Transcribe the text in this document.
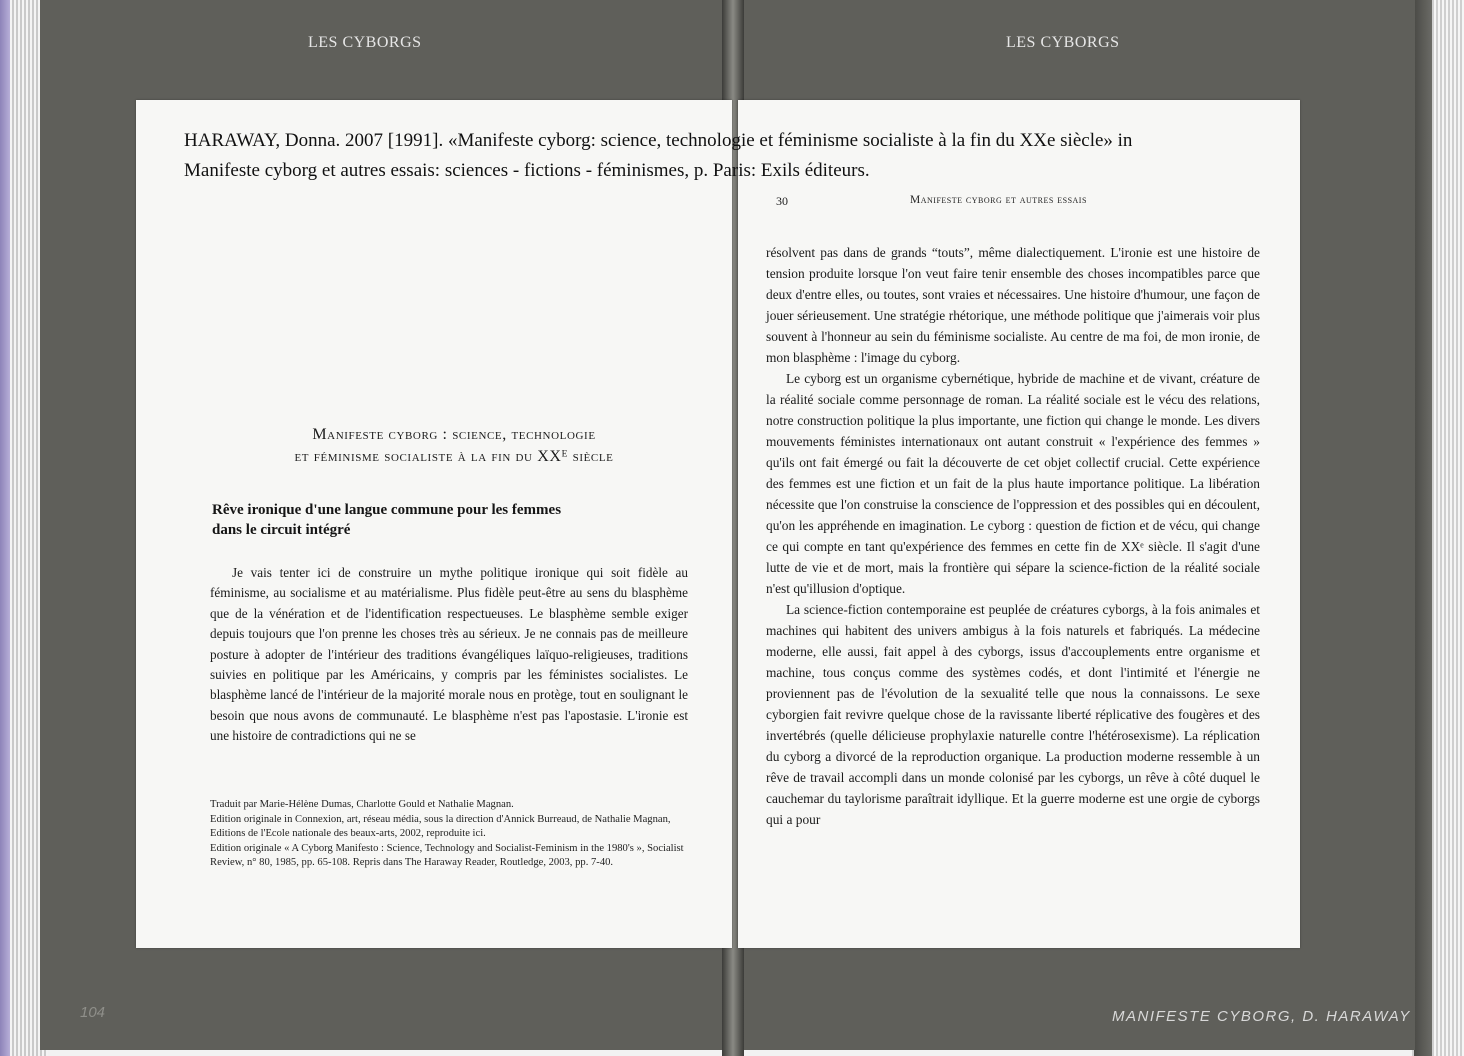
LES CYBORGS	LES CYBORGS
104	MANIFESTE CYBORG, D. HARAWAY
HARAWAY, Donna. 2007 [1991]. «Manifeste cyborg: science, technologie et féminisme socialiste à la fin du XXe siècle» in
Manifeste cyborg et autres essais: sciences - fictions - féminismes, p. Paris: Exils éditeurs.
Manifeste cyborg : science, technologie
et féminisme socialiste à la fin du XXᴱ siècle
Rêve ironique d'une langue commune pour les femmes
dans le circuit intégré

Je vais tenter ici de construire un mythe politique ironique qui soit fidèle au féminisme, au socialisme et au matérialisme. Plus fidèle peut-être au sens du blasphème que de la vénération et de l'identification respectueuses. Le blasphème semble exiger depuis toujours que l'on prenne les choses très au sérieux. Je ne connais pas de meilleure posture à adopter de l'intérieur des traditions évangéliques laïquo-religieuses, traditions suivies en politique par les Américains, y compris par les féministes socialistes. Le blasphème lancé de l'intérieur de la majorité morale nous en protège, tout en soulignant le besoin que nous avons de communauté. Le blasphème n'est pas l'apostasie. L'ironie est une histoire de contradictions qui ne se

Traduit par Marie-Hélène Dumas, Charlotte Gould et Nathalie Magnan.
Edition originale in Connexion, art, réseau média, sous la direction d'Annick Burreaud, de Nathalie Magnan, Editions de l'Ecole nationale des beaux-arts, 2002, reproduite ici.
Edition originale « A Cyborg Manifesto : Science, Technology and Socialist-Feminism in the 1980's », Socialist Review, n° 80, 1985, pp. 65-108. Repris dans The Haraway Reader, Routledge, 2003, pp. 7-40.
30	Manifeste cyborg et autres essais

résolvent pas dans de grands “touts”, même dialectiquement. L'ironie est une histoire de tension produite lorsque l'on veut faire tenir ensemble des choses incompatibles parce que deux d'entre elles, ou toutes, sont vraies et nécessaires. Une histoire d'humour, une façon de jouer sérieusement. Une stratégie rhétorique, une méthode politique que j'aimerais voir plus souvent à l'honneur au sein du féminisme socialiste. Au centre de ma foi, de mon ironie, de mon blasphème : l'image du cyborg.

Le cyborg est un organisme cybernétique, hybride de machine et de vivant, créature de la réalité sociale comme personnage de roman. La réalité sociale est le vécu des relations, notre construction politique la plus importante, une fiction qui change le monde. Les divers mouvements féministes internationaux ont autant construit « l'expérience des femmes » qu'ils ont fait émergé ou fait la découverte de cet objet collectif crucial. Cette expérience des femmes est une fiction et un fait de la plus haute importance politique. La libération nécessite que l'on construise la conscience de l'oppression et des possibles qui en découlent, qu'on les appréhende en imagination. Le cyborg : question de fiction et de vécu, qui change ce qui compte en tant qu'expérience des femmes en cette fin de XXᵉ siècle. Il s'agit d'une lutte de vie et de mort, mais la frontière qui sépare la science-fiction de la réalité sociale n'est qu'illusion d'optique.

La science-fiction contemporaine est peuplée de créatures cyborgs, à la fois animales et machines qui habitent des univers ambigus à la fois naturels et fabriqués. La médecine moderne, elle aussi, fait appel à des cyborgs, issus d'accouplements entre organisme et machine, tous conçus comme des systèmes codés, et dont l'intimité et l'énergie ne proviennent pas de l'évolution de la sexualité telle que nous la connaissons. Le sexe cyborgien fait revivre quelque chose de la ravissante liberté réplicative des fougères et des invertébrés (quelle délicieuse prophylaxie naturelle contre l'hétérosexisme). La réplication du cyborg a divorcé de la reproduction organique. La production moderne ressemble à un rêve de travail accompli dans un monde colonisé par les cyborgs, un rêve à côté duquel le cauchemar du taylorisme paraîtrait idyllique. Et la guerre moderne est une orgie de cyborgs qui a pour
